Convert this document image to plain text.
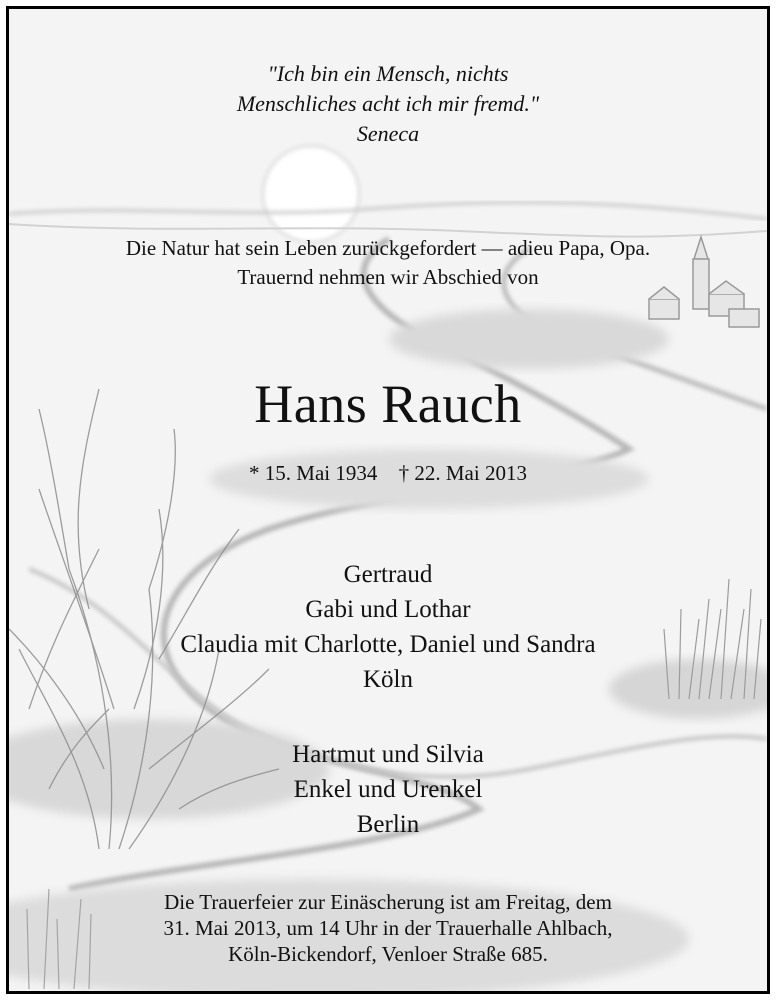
"Ich bin ein Mensch, nichts
Menschliches acht ich mir fremd."
Seneca
Die Natur hat sein Leben zurückgefordert — adieu Papa, Opa.
Trauernd nehmen wir Abschied von
Hans Rauch
* 15. Mai 1934 † 22. Mai 2013
Gertraud
Gabi und Lothar
Claudia mit Charlotte, Daniel und Sandra
Köln
Hartmut und Silvia
Enkel und Urenkel
Berlin
Die Trauerfeier zur Einäscherung ist am Freitag, dem
31. Mai 2013, um 14 Uhr in der Trauerhalle Ahlbach,
Köln-Bickendorf, Venloer Straße 685.
